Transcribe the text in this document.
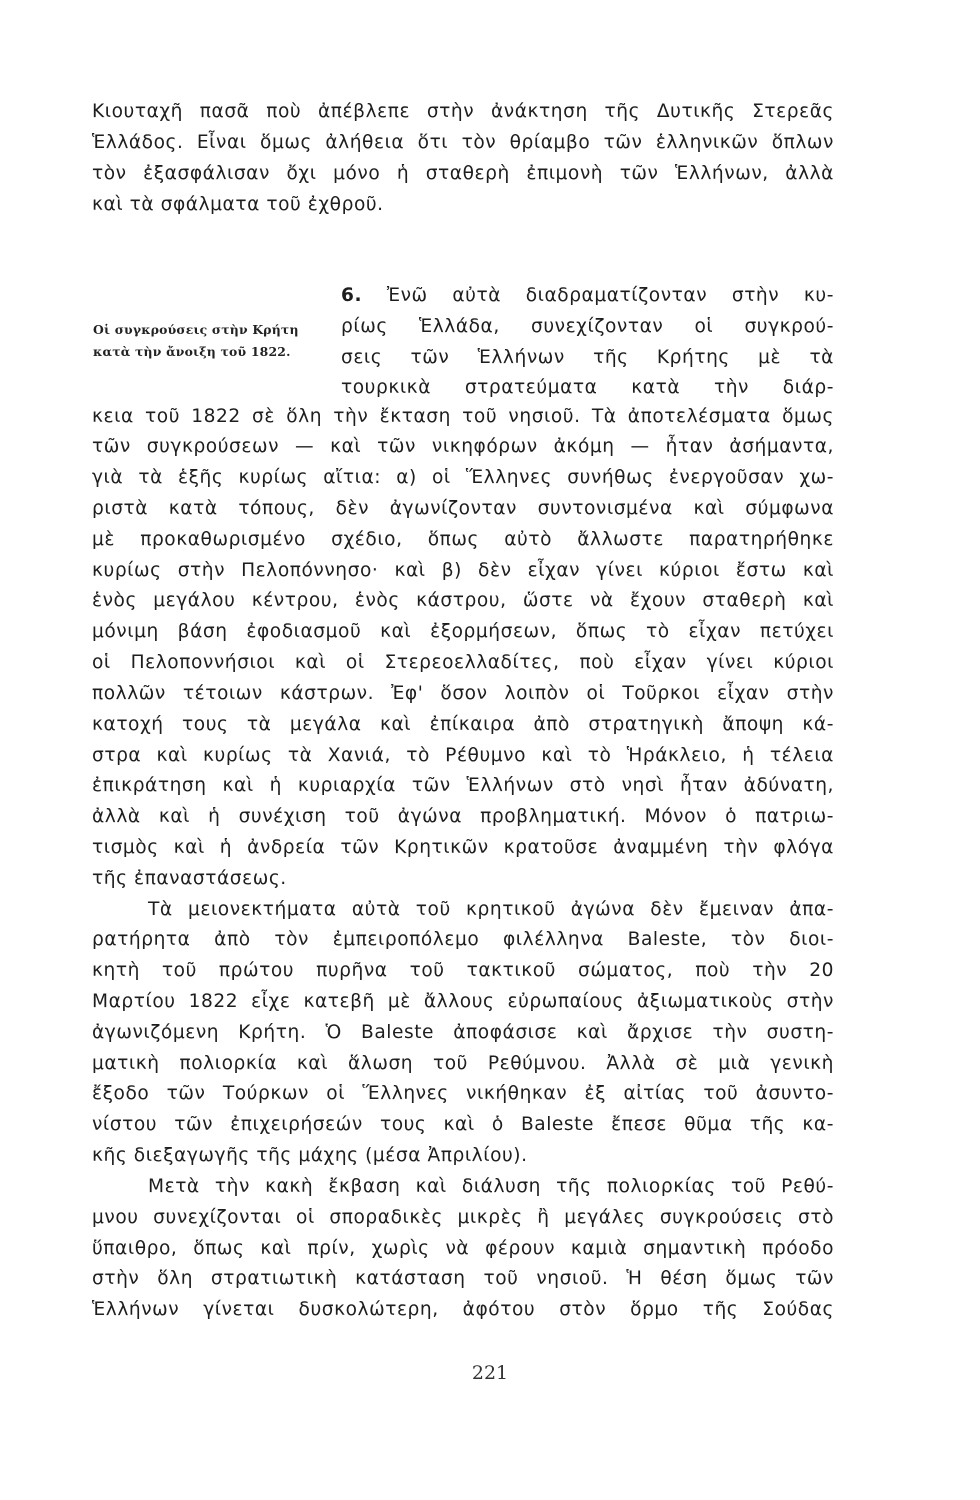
Κιουταχῆ πασᾶ ποὺ ἀπέβλεπε στὴν ἀνάκτηση τῆς Δυτικῆς Στερεᾶς
Ἑλλάδος. Εἶναι ὅμως ἀλήθεια ὅτι τὸν θρίαμβο τῶν ἑλληνικῶν ὅπλων
τὸν ἐξασφάλισαν ὄχι μόνο ἡ σταθερὴ ἐπιμονὴ τῶν Ἑλλήνων, ἀλλὰ
καὶ τὰ σφάλματα τοῦ ἐχθροῦ.
Οἱ συγκρούσεις στὴν Κρήτη
κατὰ τὴν ἄνοιξη τοῦ 1822.
6. Ἐνῶ αὐτὰ διαδραματίζονταν στὴν κυ-
ρίως Ἑλλάδα, συνεχίζονταν οἱ συγκρού-
σεις τῶν Ἑλλήνων τῆς Κρήτης μὲ τὰ
τουρκικὰ στρατεύματα κατὰ τὴν διάρ-
κεια τοῦ 1822 σὲ ὅλη τὴν ἔκταση τοῦ νησιοῦ. Τὰ ἀποτελέσματα ὅμως
τῶν συγκρούσεων — καὶ τῶν νικηφόρων ἀκόμη — ἦταν ἀσήμαντα,
γιὰ τὰ ἑξῆς κυρίως αἴτια: α) οἱ Ἕλληνες συνήθως ἐνεργοῦσαν χω-
ριστὰ κατὰ τόπους, δὲν ἀγωνίζονταν συντονισμένα καὶ σύμφωνα
μὲ προκαθωρισμένο σχέδιο, ὅπως αὐτὸ ἄλλωστε παρατηρήθηκε
κυρίως στὴν Πελοπόννησο· καὶ β) δὲν εἶχαν γίνει κύριοι ἔστω καὶ
ἑνὸς μεγάλου κέντρου, ἑνὸς κάστρου, ὥστε νὰ ἔχουν σταθερὴ καὶ
μόνιμη βάση ἐφοδιασμοῦ καὶ ἐξορμήσεων, ὅπως τὸ εἶχαν πετύχει
οἱ Πελοποννήσιοι καὶ οἱ Στερεοελλαδίτες, ποὺ εἶχαν γίνει κύριοι
πολλῶν τέτοιων κάστρων. Ἐφ' ὅσον λοιπὸν οἱ Τοῦρκοι εἶχαν στὴν
κατοχή τους τὰ μεγάλα καὶ ἐπίκαιρα ἀπὸ στρατηγικὴ ἄποψη κά-
στρα καὶ κυρίως τὰ Χανιά, τὸ Ρέθυμνο καὶ τὸ Ἡράκλειο, ἡ τέλεια
ἐπικράτηση καὶ ἡ κυριαρχία τῶν Ἑλλήνων στὸ νησὶ ἦταν ἀδύνατη,
ἀλλὰ καὶ ἡ συνέχιση τοῦ ἀγώνα προβληματική. Μόνον ὁ πατριω-
τισμὸς καὶ ἡ ἀνδρεία τῶν Κρητικῶν κρατοῦσε ἀναμμένη τὴν φλόγα
τῆς ἐπαναστάσεως.
Τὰ μειονεκτήματα αὐτὰ τοῦ κρητικοῦ ἀγώνα δὲν ἔμειναν ἀπα-
ρατήρητα ἀπὸ τὸν ἐμπειροπόλεμο φιλέλληνα Baleste, τὸν διοι-
κητὴ τοῦ πρώτου πυρῆνα τοῦ τακτικοῦ σώματος, ποὺ τὴν 20
Μαρτίου 1822 εἶχε κατεβῆ μὲ ἄλλους εὐρωπαίους ἀξιωματικοὺς στὴν
ἀγωνιζόμενη Κρήτη. Ὁ Baleste ἀποφάσισε καὶ ἄρχισε τὴν συστη-
ματικὴ πολιορκία καὶ ἅλωση τοῦ Ρεθύμνου. Ἀλλὰ σὲ μιὰ γενικὴ
ἔξοδο τῶν Τούρκων οἱ Ἕλληνες νικήθηκαν ἐξ αἰτίας τοῦ ἀσυντο-
νίστου τῶν ἐπιχειρήσεών τους καὶ ὁ Baleste ἔπεσε θῦμα τῆς κα-
κῆς διεξαγωγῆς τῆς μάχης (μέσα Ἀπριλίου).
Μετὰ τὴν κακὴ ἔκβαση καὶ διάλυση τῆς πολιορκίας τοῦ Ρεθύ-
μνου συνεχίζονται οἱ σποραδικὲς μικρὲς ἢ μεγάλες συγκρούσεις στὸ
ὕπαιθρο, ὅπως καὶ πρίν, χωρὶς νὰ φέρουν καμιὰ σημαντικὴ πρόοδο
στὴν ὅλη στρατιωτικὴ κατάσταση τοῦ νησιοῦ. Ἡ θέση ὅμως τῶν
Ἑλλήνων γίνεται δυσκολώτερη, ἀφότου στὸν ὅρμο τῆς Σούδας
221
